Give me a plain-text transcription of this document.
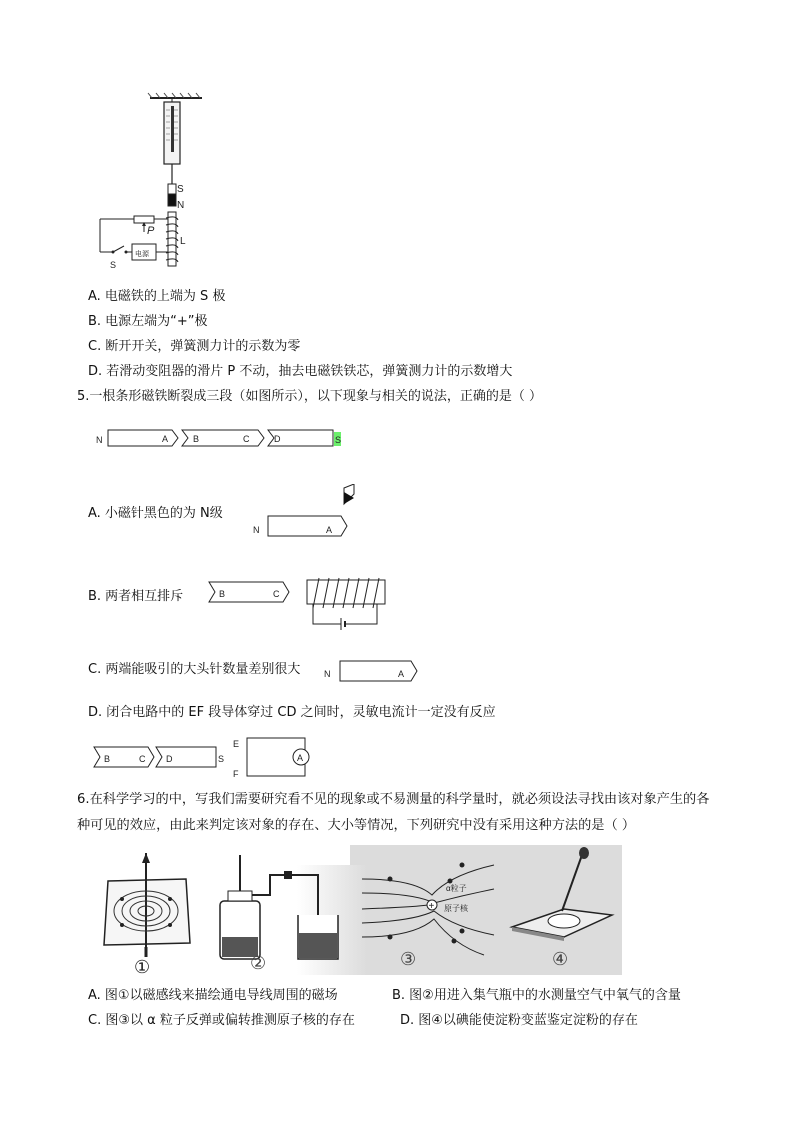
S
N
L
P
S
电源
A. 电磁铁的上端为 S 极
B. 电源左端为“+”极
C. 断开开关，弹簧测力计的示数为零
D. 若滑动变阻器的滑片 P 不动，抽去电磁铁铁芯，弹簧测力计的示数增大
5.一根条形磁铁断裂成三段（如图所示），以下现象与相关的说法，正确的是（ ）
N	A	B	C	D	S
A. 小磁针黑色的为 N级
N	A
B. 两者相互排斥	B	C
C. 两端能吸引的大头针数量差别很大	N	A
D. 闭合电路中的 EF 段导体穿过 CD 之间时，灵敏电流计一定没有反应
B	C D	S
E
F
A
6.在科学学习的中，写我们需要研究看不见的现象或不易测量的科学量时，就必须设法寻找由该对象产生的各种可见的效应，由此来判定该对象的存在、大小等情况，下列研究中没有采用这种方法的是（ ）
①	②
+
α粒子
原子核
③	④
A. 图①以磁感线来描绘通电导线周围的磁场	B. 图②用进入集气瓶中的水测量空气中氧气的含量
C. 图③以 α 粒子反弹或偏转推测原子核的存在	D. 图④以碘能使淀粉变蓝鉴定淀粉的存在
